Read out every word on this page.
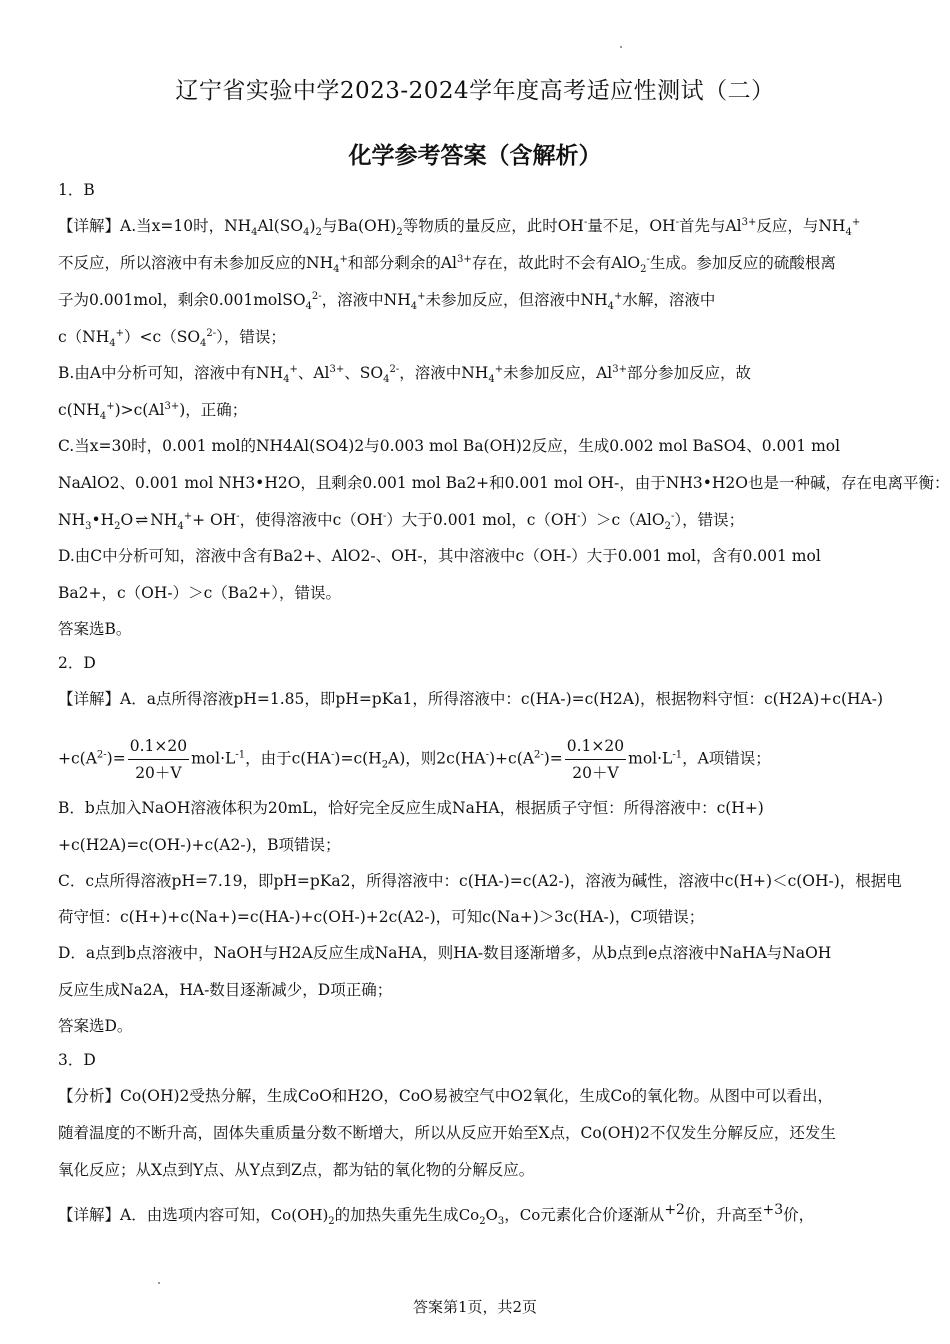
辽宁省实验中学2023-2024学年度高考适应性测试（二）
化学参考答案（含解析）
1．B
【详解】A.当x=10时，$NH_4Al(SO_4)_2$与$Ba(OH)_2$等物质的量反应，此时OH-量不足，OH-首先与$Al^{3+}$反应，与$NH_4^+$
不反应，所以溶液中有未参加反应的$NH_4^+$和部分剩余的$Al^{3+}$存在，故此时不会有AlO$_2$-生成。参加反应的硫酸根离
子为0.001mol，剩余0.001molSO$_4^{2-}$，溶液中$NH_4^+$未参加反应，但溶液中$NH_4^+$水解，溶液中
$c(NH_4^+)<c(SO_4^{2-})$，错误；
B.由A中分析可知，溶液中有$NH_4^+$、$Al^{3+}$、$SO_4^{2-}$，溶液中$NH_4^+$未参加反应，$Al^{3+}$部分参加反应，故
$c(NH_4^+)>c(Al^{3+})$，正确；
C.当x=30时，0.001 mol的NH4Al(SO4)2与0.003 mol Ba(OH)2反应，生成0.002 mol BaSO4、0.001 mol
NaAlO2、0.001 mol NH3•H2O，且剩余0.001 mol Ba2+和0.001 mol OH-，由于NH3•H2O也是一种碱，存在电离平衡：
$NH_3•H_2O$ ⇌ $NH_4^++ OH^-$，使得溶液中c（OH-）大于0.001 mol，c（OH-）＞c（AlO$_2$-），错误；
D.由C中分析可知，溶液中含有Ba2+、AlO2-、OH-，其中溶液中c（OH-）大于0.001 mol，含有0.001 mol
Ba2+，c（OH-）＞c（Ba2+），错误。
答案选B。
2．D
【详解】A．a点所得溶液pH=1.85，即pH=pKa1，所得溶液中：c(HA-)=c(H2A)，根据物料守恒：c(H2A)+c(HA-)
$+c(A^{2-})= \frac{0.1\times 20}{20+V} mol\cdot L^{-1}$，由于$c(HA^-)=c(H_2A)$，则$2c(HA^-)+c(A^{2-})= \frac{0.1\times 20}{20+V} mol\cdot L^{-1}$，A项错误；
B．b点加入NaOH溶液体积为20mL，恰好完全反应生成NaHA，根据质子守恒：所得溶液中：c(H+)
+c(H2A)=c(OH-)+c(A2-)，B项错误；
C．c点所得溶液pH=7.19，即pH=pKa2，所得溶液中：c(HA-)=c(A2-)，溶液为碱性，溶液中c(H+)＜c(OH-)，根据电
荷守恒：c(H+)+c(Na+)=c(HA-)+c(OH-)+2c(A2-)，可知c(Na+)＞3c(HA-)，C项错误；
D．a点到b点溶液中，NaOH与H2A反应生成NaHA，则HA-数目逐渐增多，从b点到e点溶液中NaHA与NaOH
反应生成Na2A，HA-数目逐渐减少，D项正确；
答案选D。
3．D
【分析】Co(OH)2受热分解，生成CoO和H2O，CoO易被空气中O2氧化，生成Co的氧化物。从图中可以看出，
随着温度的不断升高，固体失重质量分数不断增大，所以从反应开始至X点，Co(OH)2不仅发生分解反应，还发生
氧化反应；从X点到Y点、从Y点到Z点，都为钴的氧化物的分解反应。
【详解】A．由选项内容可知，$Co(OH)_2$的加热失重先生成$Co_2O_3$，Co元素化合价逐渐从$^{+2}$价，升高至$^{+3}$价，
答案第1页，共2页
